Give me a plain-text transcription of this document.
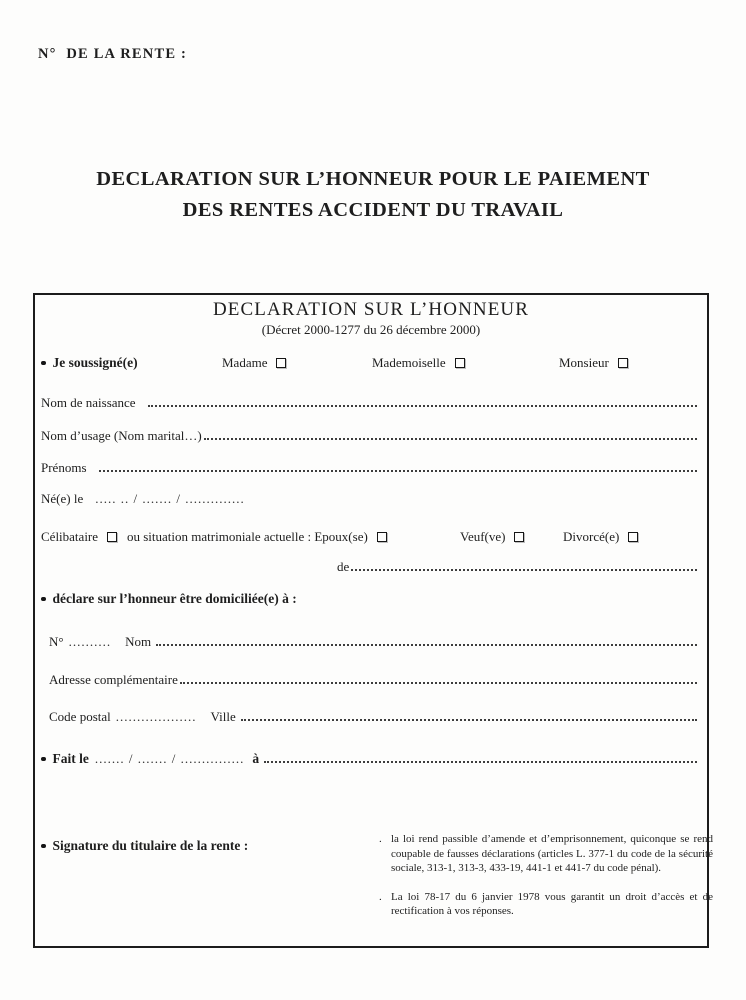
N°  DE LA RENTE :
DECLARATION SUR L’HONNEUR POUR LE PAIEMENT
DES RENTES ACCIDENT DU TRAVAIL
DECLARATION SUR L’HONNEUR
(Décret 2000-1277 du 26 décembre 2000)
Je soussigné(e)	Madame	Mademoiselle	Monsieur
Nom de naissance
Nom d’usage (Nom marital…)
Prénoms
Né(e) le ..... .. / ....... / ..............
Célibataire	ou situation matrimoniale actuelle : Epoux(se)	Veuf(ve)	Divorcé(e)
de
déclare sur l’honneur être domiciliée(e) à :
N° .......... Nom
Adresse complémentaire
Code postal ................... Ville
Fait le ....... / ....... / ............... à
Signature du titulaire de la rente :	. la loi rend passible d’amende et d’emprisonnement, quiconque se rend coupable de fausses déclarations (articles L. 377-1 du code de la sécurité sociale, 313-1, 313-3, 433-19, 441-1 et 441-7 du code pénal).
. La loi 78-17 du 6 janvier 1978 vous garantit un droit d’accès et de rectification à vos réponses.
